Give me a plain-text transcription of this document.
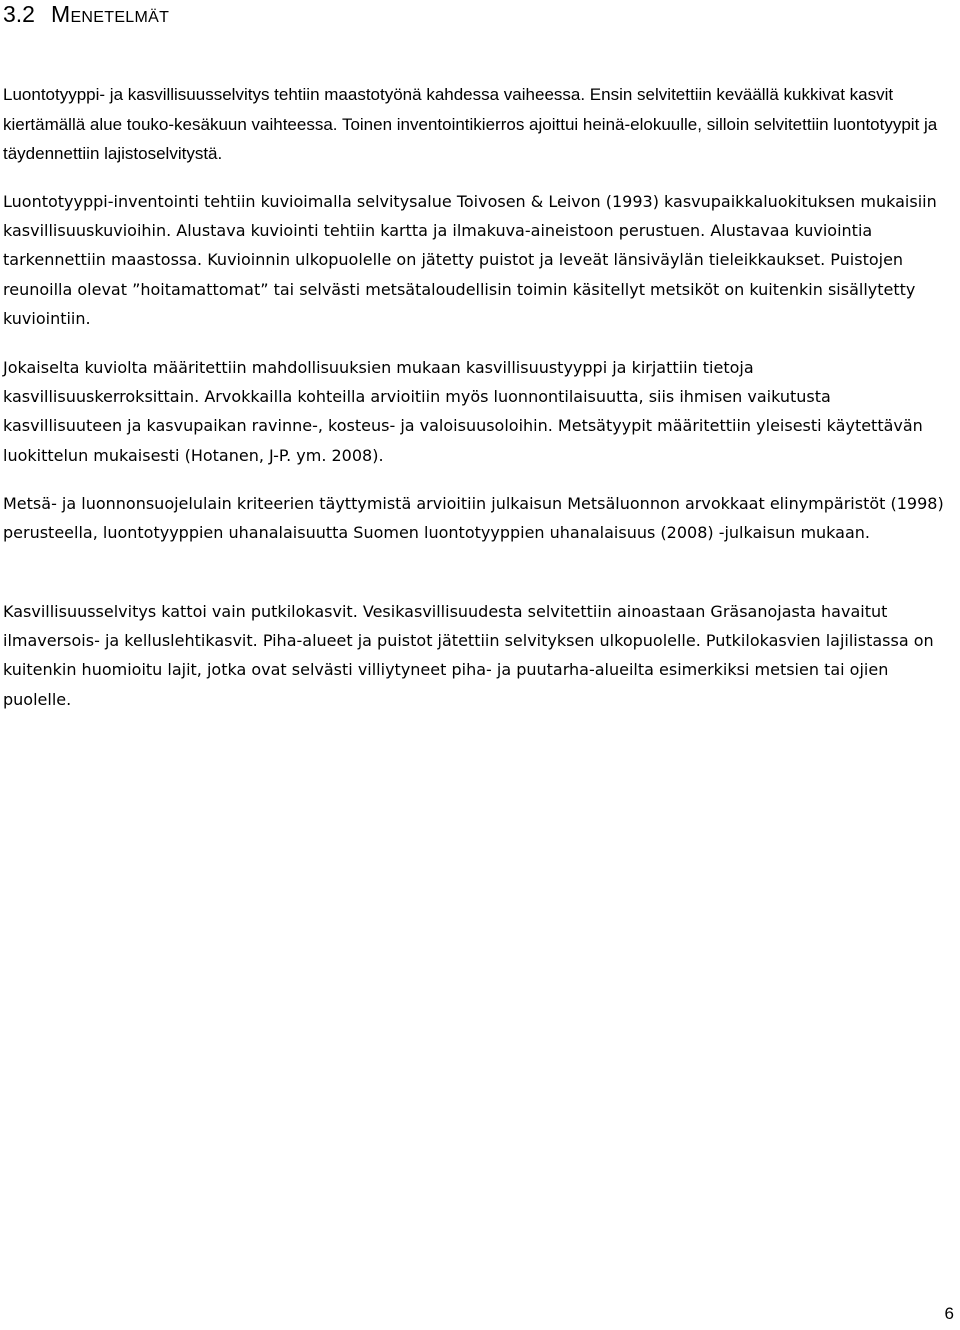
3.2 Menetelmät

Luontotyyppi- ja kasvillisuusselvitys tehtiin maastotyönä kahdessa vaiheessa. Ensin selvitettiin keväällä kukkivat kasvit kiertämällä alue touko-kesäkuun vaihteessa. Toinen inventointikierros ajoittui heinä-elokuulle, silloin selvitettiin luontotyypit ja täydennettiin lajistoselvitystä.

Luontotyyppi-inventointi tehtiin kuvioimalla selvitysalue Toivosen & Leivon (1993) kasvupaikkaluokituksen mukaisiin kasvillisuuskuvioihin. Alustava kuviointi tehtiin kartta ja ilmakuva-aineistoon perustuen. Alustavaa kuviointia tarkennettiin maastossa. Kuvioinnin ulkopuolelle on jätetty puistot ja leveät länsiväylän tieleikkaukset. Puistojen reunoilla olevat ”hoitamattomat” tai selvästi metsätaloudellisin toimin käsitellyt metsiköt on kuitenkin sisällytetty kuviointiin.

Jokaiselta kuviolta määritettiin mahdollisuuksien mukaan kasvillisuustyyppi ja kirjattiin tietoja kasvillisuuskerroksittain. Arvokkailla kohteilla arvioitiin myös luonnontilaisuutta, siis ihmisen vaikutusta kasvillisuuteen ja kasvupaikan ravinne-, kosteus- ja valoisuusoloihin. Metsätyypit määritettiin yleisesti käytettävän luokittelun mukaisesti (Hotanen, J-P. ym. 2008).

Metsä- ja luonnonsuojelulain kriteerien täyttymistä arvioitiin julkaisun Metsäluonnon arvokkaat elinympäristöt (1998) perusteella, luontotyyppien uhanalaisuutta Suomen luontotyyppien uhanalaisuus (2008) -julkaisun mukaan.

Kasvillisuusselvitys kattoi vain putkilokasvit. Vesikasvillisuudesta selvitettiin ainoastaan Gräsanojasta havaitut ilmaversois- ja kelluslehtikasvit. Piha-alueet ja puistot jätettiin selvityksen ulkopuolelle. Putkilokasvien lajilistassa on kuitenkin huomioitu lajit, jotka ovat selvästi villiytyneet piha- ja puutarha-alueilta esimerkiksi metsien tai ojien puolelle.

6
